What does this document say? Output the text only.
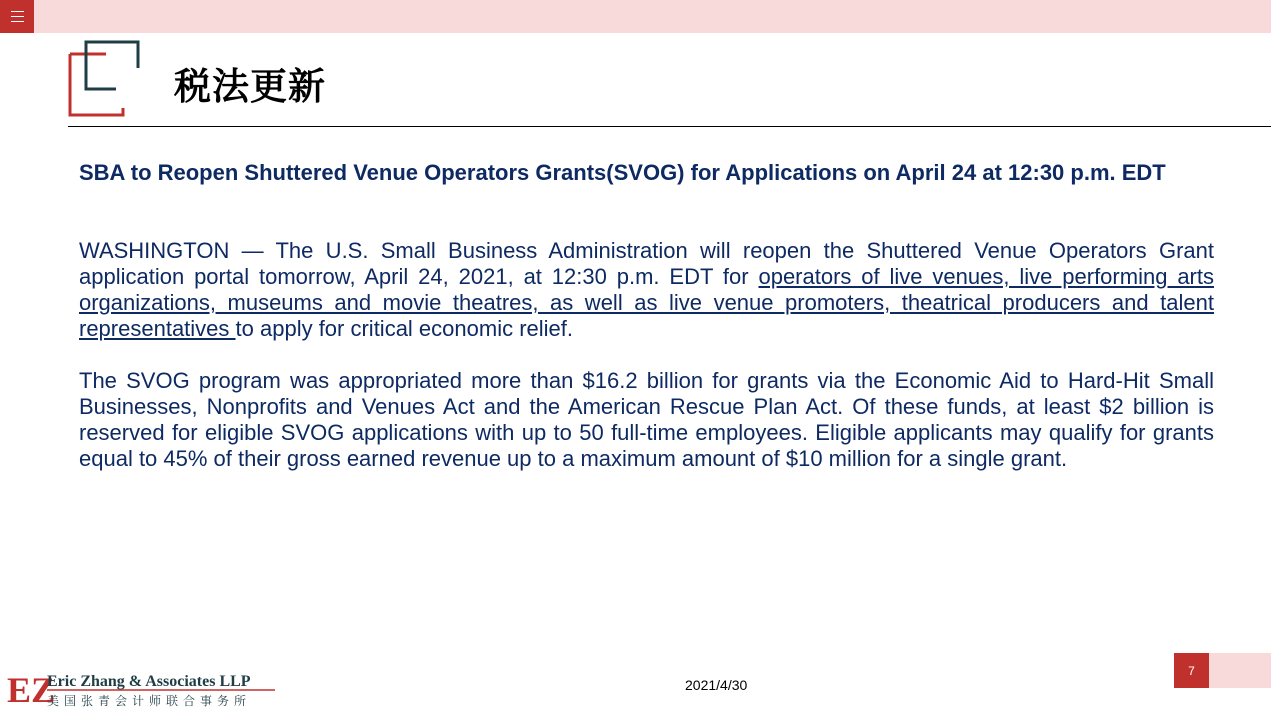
税法更新

SBA to Reopen Shuttered Venue Operators Grants(SVOG) for Applications on April 24 at 12:30 p.m. EDT

WASHINGTON — The U.S. Small Business Administration will reopen the Shuttered Venue Operators Grant application portal tomorrow, April 24, 2021, at 12:30 p.m. EDT for operators of live venues, live performing arts organizations, museums and movie theatres, as well as live venue promoters, theatrical producers and talent representatives to apply for critical economic relief.

The SVOG program was appropriated more than $16.2 billion for grants via the Economic Aid to Hard-Hit Small Businesses, Nonprofits and Venues Act and the American Rescue Plan Act. Of these funds, at least $2 billion is reserved for eligible SVOG applications with up to 50 full-time employees. Eligible applicants may qualify for grants equal to 45% of their gross earned revenue up to a maximum amount of $10 million for a single grant.

EZ
Eric Zhang & Associates LLP
美国张青会计师联合事务所
2021/4/30
7
